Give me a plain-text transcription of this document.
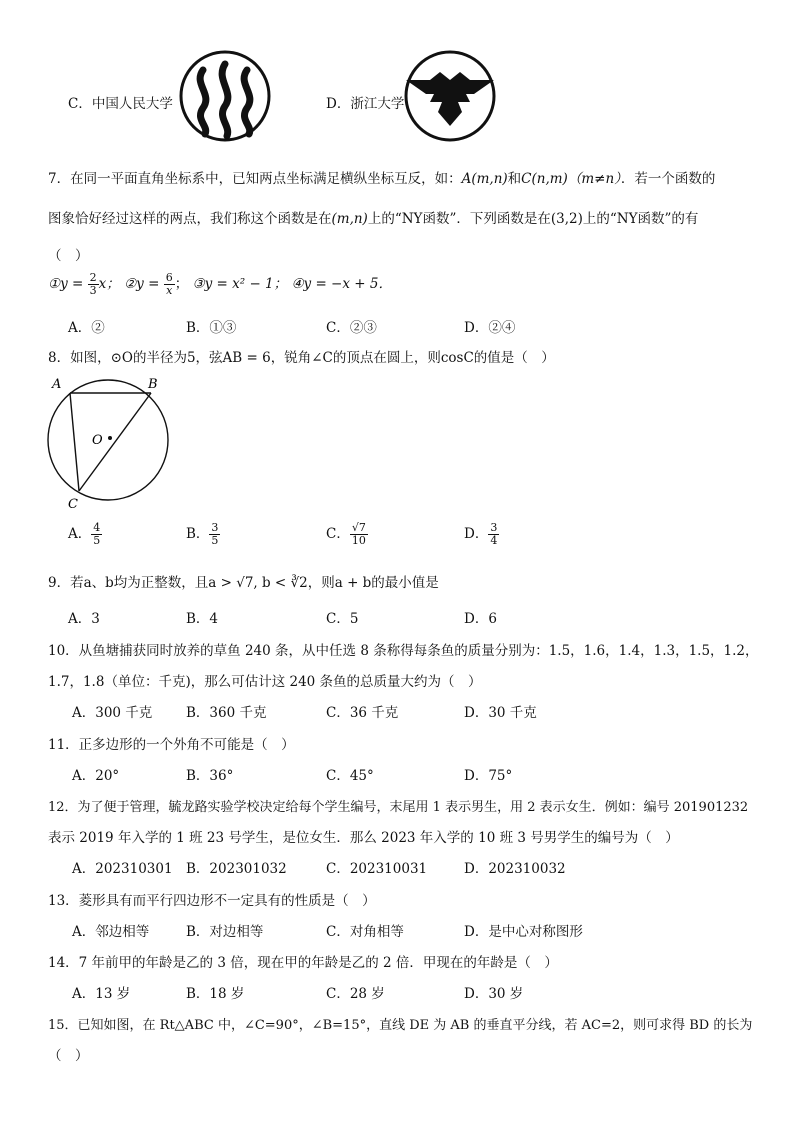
C．中国人民大学	D．浙江大学
7．在同一平面直角坐标系中，已知两点坐标满足横纵坐标互反，如：A(m,n)和C(n,m)（m≠n）．若一个函数的
图象恰好经过这样的两点，我们称这个函数是在(m,n)上的“NY函数”．下列函数是在(3,2)上的“NY函数”的有
（　）
①y = $\frac{2}{3}$ x； ②y = $\frac{6}{x}$ ； ③y = x² − 1； ④y = −x + 5．
A．②	B．①③	C．②③	D．②④
8．如图，⊙O的半径为5，弦AB = 6，锐角∠C的顶点在圆上，则cosC的值是（　）
A	B
O
C
A． $\frac{4}{5}$	B． $\frac{3}{5}$	C． $\frac{√7}{10}$	D． $\frac{3}{4}$
9．若a、b均为正整数，且a > √7, b < ∛2，则a + b的最小值是
A．3	B．4	C．5	D．6
10．从鱼塘捕获同时放养的草鱼 240 条，从中任选 8 条称得每条鱼的质量分别为：1.5，1.6，1.4，1.3，1.5，1.2，
1.7，1.8（单位：千克)，那么可估计这 240 条鱼的总质量大约为（　）
A．300 千克 B．360 千克	C．36 千克	D．30 千克
11．正多边形的一个外角不可能是（　）
A．20°	B．36°	C．45°	D．75°
12．为了便于管理，毓龙路实验学校决定给每个学生编号，末尾用 1 表示男生，用 2 表示女生．例如：编号 201901232
表示 2019 年入学的 1 班 23 号学生，是位女生．那么 2023 年入学的 10 班 3 号男学生的编号为（　）
A．202310301 B．202301032	C．202310031	D．202310032
13．菱形具有而平行四边形不一定具有的性质是（　）
A．邻边相等	B．对边相等	C．对角相等	D．是中心对称图形
14．7 年前甲的年龄是乙的 3 倍，现在甲的年龄是乙的 2 倍．甲现在的年龄是（　）
A．13 岁	B．18 岁	C．28 岁	D．30 岁
15．已知如图，在 Rt△ABC 中，∠C=90°，∠B=15°，直线 DE 为 AB 的垂直平分线，若 AC=2，则可求得 BD 的长为
（　）
